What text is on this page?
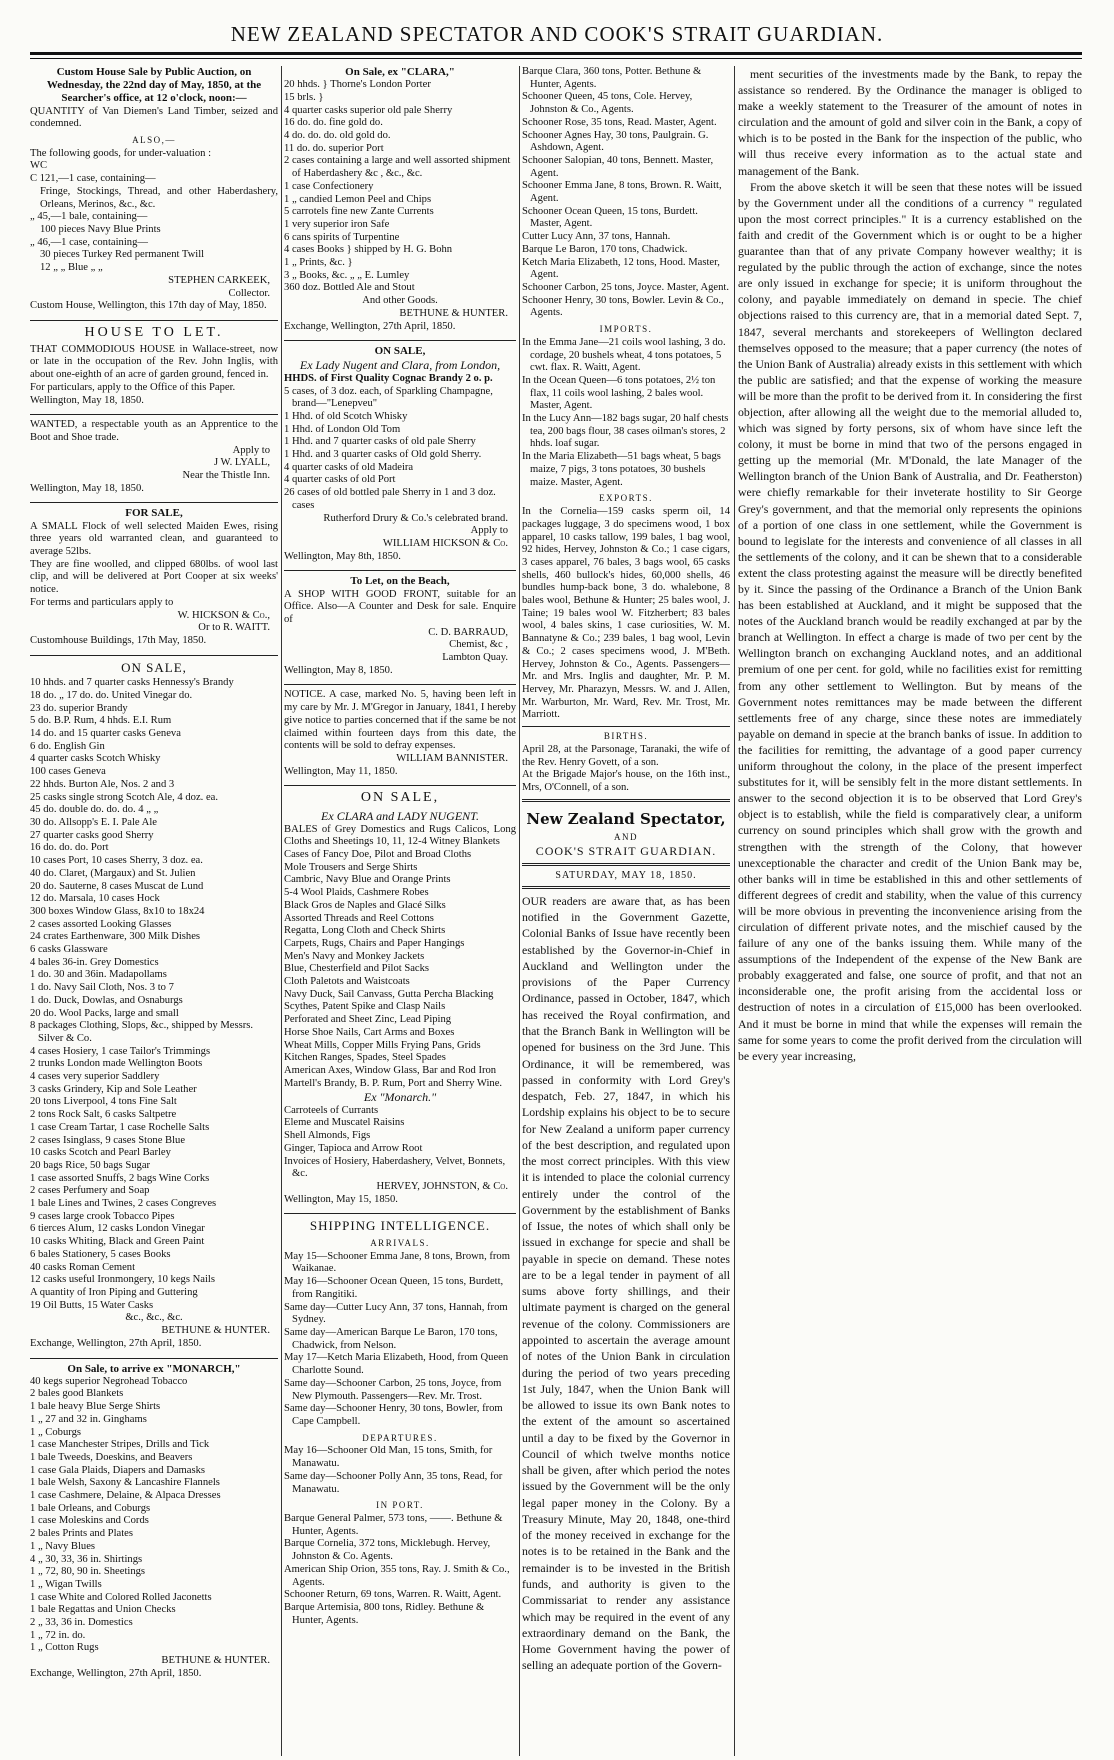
NEW ZEALAND SPECTATOR AND COOK'S STRAIT GUARDIAN.
Custom House Sale by Public Auction, on Wednesday, the 22nd day of May, 1850, at the Searcher's office, at 12 o'clock, noon:—

QUANTITY of Van Diemen's Land Timber, seized and condemned.

ALSO,—

The following goods, for under-valuation :

WC
C 121,—1 case, containing—

Fringe, Stockings, Thread, and other Haberdashery, Orleans, Merinos, &c., &c.

„ 45,—1 bale, containing—
100 pieces Navy Blue Prints
„ 46,—1 case, containing—
30 pieces Turkey Red permanent Twill
12 „ „ Blue „ „
STEPHEN CARKEEK,
Collector.

Custom House, Wellington, this 17th day of May, 1850.

HOUSE TO LET.

THAT COMMODIOUS HOUSE in Wallace-street, now or late in the occupation of the Rev. John Inglis, with about one-eighth of an acre of garden ground, fenced in.

For particulars, apply to the Office of this Paper.

Wellington, May 18, 1850.

WANTED, a respectable youth as an Apprentice to the Boot and Shoe trade.

Apply to
J W. LYALL,
Near the Thistle Inn.

Wellington, May 18, 1850.

FOR SALE,

A SMALL Flock of well selected Maiden Ewes, rising three years old warranted clean, and guaranteed to average 52lbs.

They are fine woolled, and clipped 680lbs. of wool last clip, and will be delivered at Port Cooper at six weeks' notice.

For terms and particulars apply to

W. HICKSON & Co.,
Or to R. WAITT.

Customhouse Buildings, 17th May, 1850.

ON SALE,
10 hhds. and 7 quarter casks Hennessy's Brandy
18 do. „ 17 do. do. United Vinegar do.
23 do. superior Brandy
5 do. B.P. Rum, 4 hhds. E.I. Rum
14 do. and 15 quarter casks Geneva
6 do. English Gin
4 quarter casks Scotch Whisky
100 cases Geneva
22 hhds. Burton Ale, Nos. 2 and 3
25 casks single strong Scotch Ale, 4 doz. ea.
45 do. double do. do. do. 4 „ „
30 do. Allsopp's E. I. Pale Ale
27 quarter casks good Sherry
16 do. do. do. Port
10 cases Port, 10 cases Sherry, 3 doz. ea.
40 do. Claret, (Margaux) and St. Julien
20 do. Sauterne, 8 cases Muscat de Lund
12 do. Marsala, 10 cases Hock
300 boxes Window Glass, 8x10 to 18x24
2 cases assorted Looking Glasses
24 crates Earthenware, 300 Milk Dishes
6 casks Glassware
4 bales 36-in. Grey Domestics
1 do. 30 and 36in. Madapollams
1 do. Navy Sail Cloth, Nos. 3 to 7
1 do. Duck, Dowlas, and Osnaburgs
20 do. Wool Packs, large and small
8 packages Clothing, Slops, &c., shipped by Messrs. Silver & Co.
4 cases Hosiery, 1 case Tailor's Trimmings
2 trunks London made Wellington Boots
4 cases very superior Saddlery
3 casks Grindery, Kip and Sole Leather
20 tons Liverpool, 4 tons Fine Salt
2 tons Rock Salt, 6 casks Saltpetre
1 case Cream Tartar, 1 case Rochelle Salts
2 cases Isinglass, 9 cases Stone Blue
10 casks Scotch and Pearl Barley
20 bags Rice, 50 bags Sugar
1 case assorted Snuffs, 2 bags Wine Corks
2 cases Perfumery and Soap
1 bale Lines and Twines, 2 cases Congreves
9 cases large crook Tobacco Pipes
6 tierces Alum, 12 casks London Vinegar
10 casks Whiting, Black and Green Paint
6 bales Stationery, 5 cases Books
40 casks Roman Cement
12 casks useful Ironmongery, 10 kegs Nails
A quantity of Iron Piping and Guttering
19 Oil Butts, 15 Water Casks
&c., &c., &c.
BETHUNE & HUNTER.

Exchange, Wellington, 27th April, 1850.

On Sale, to arrive ex "MONARCH,"
40 kegs superior Negrohead Tobacco
2 bales good Blankets
1 bale heavy Blue Serge Shirts
1 „ 27 and 32 in. Ginghams
1 „ Coburgs
1 case Manchester Stripes, Drills and Tick
1 bale Tweeds, Doeskins, and Beavers
1 case Gala Plaids, Diapers and Damasks
1 bale Welsh, Saxony & Lancashire Flannels
1 case Cashmere, Delaine, & Alpaca Dresses
1 bale Orleans, and Coburgs
1 case Moleskins and Cords
2 bales Prints and Plates
1 „ Navy Blues
4 „ 30, 33, 36 in. Shirtings
1 „ 72, 80, 90 in. Sheetings
1 „ Wigan Twills
1 case White and Colored Rolled Jaconetts
1 bale Regattas and Union Checks
2 „ 33, 36 in. Domestics
1 „ 72 in. do.
1 „ Cotton Rugs
BETHUNE & HUNTER.

Exchange, Wellington, 27th April, 1850.

On Sale, ex "CLARA,"
20 hhds. } Thorne's London Porter
15 brls. }
4 quarter casks superior old pale Sherry
16 do. do. fine gold do.
4 do. do. do. old gold do.
11 do. do. superior Port
2 cases containing a large and well assorted shipment of Haberdashery &c , &c., &c.
1 case Confectionery
1 „ candied Lemon Peel and Chips
5 carrotels fine new Zante Currents
1 very superior iron Safe
6 cans spirits of Turpentine
4 cases Books } shipped by H. G. Bohn
1 „ Prints, &c. }
3 „ Books, &c. „ „ E. Lumley
360 doz. Bottled Ale and Stout
And other Goods.
BETHUNE & HUNTER.

Exchange, Wellington, 27th April, 1850.

ON SALE,
Ex Lady Nugent and Clara, from London,

HHDS. of First Quality Cognac Brandy 2 o. p.

5 cases, of 3 doz. each, of Sparkling Champagne, brand—"Lenepveu"
1 Hhd. of old Scotch Whisky
1 Hhd. of London Old Tom
1 Hhd. and 7 quarter casks of old pale Sherry
1 Hhd. and 3 quarter casks of Old gold Sherry.
4 quarter casks of old Madeira
4 quarter casks of old Port
26 cases of old bottled pale Sherry in 1 and 3 doz. cases
Rutherford Drury & Co.'s celebrated brand.
Apply to
WILLIAM HICKSON & Co.

Wellington, May 8th, 1850.

To Let, on the Beach,

A SHOP WITH GOOD FRONT, suitable for an Office. Also—A Counter and Desk for sale. Enquire of

C. D. BARRAUD,
Chemist, &c ,
Lambton Quay.

Wellington, May 8, 1850.

NOTICE. A case, marked No. 5, having been left in my care by Mr. J. M'Gregor in January, 1841, I hereby give notice to parties concerned that if the same be not claimed within fourteen days from this date, the contents will be sold to defray expenses.

WILLIAM BANNISTER.

Wellington, May 11, 1850.

ON SALE,
Ex CLARA and LADY NUGENT.

BALES of Grey Domestics and Rugs Calicos, Long Cloths and Sheetings 10, 11, 12-4 Witney Blankets

Cases of Fancy Doe, Pilot and Broad Cloths
Mole Trousers and Serge Shirts
Cambric, Navy Blue and Orange Prints
5-4 Wool Plaids, Cashmere Robes
Black Gros de Naples and Glacé Silks
Assorted Threads and Reel Cottons
Regatta, Long Cloth and Check Shirts
Carpets, Rugs, Chairs and Paper Hangings
Men's Navy and Monkey Jackets
Blue, Chesterfield and Pilot Sacks
Cloth Paletots and Waistcoats
Navy Duck, Sail Canvass, Gutta Percha Blacking
Scythes, Patent Spike and Clasp Nails
Perforated and Sheet Zinc, Lead Piping
Horse Shoe Nails, Cart Arms and Boxes
Wheat Mills, Copper Mills Frying Pans, Grids
Kitchen Ranges, Spades, Steel Spades
American Axes, Window Glass, Bar and Rod Iron
Martell's Brandy, B. P. Rum, Port and Sherry Wine.
Ex "Monarch."
Carroteels of Currants
Eleme and Muscatel Raisins
Shell Almonds, Figs
Ginger, Tapioca and Arrow Root
Invoices of Hosiery, Haberdashery, Velvet, Bonnets, &c.
HERVEY, JOHNSTON, & Co.

Wellington, May 15, 1850.

SHIPPING INTELLIGENCE.
ARRIVALS.
May 15—Schooner Emma Jane, 8 tons, Brown, from Waikanae.
May 16—Schooner Ocean Queen, 15 tons, Burdett, from Rangitiki.
Same day—Cutter Lucy Ann, 37 tons, Hannah, from Sydney.
Same day—American Barque Le Baron, 170 tons, Chadwick, from Nelson.
May 17—Ketch Maria Elizabeth, Hood, from Queen Charlotte Sound.
Same day—Schooner Carbon, 25 tons, Joyce, from New Plymouth. Passengers—Rev. Mr. Trost.
Same day—Schooner Henry, 30 tons, Bowler, from Cape Campbell.
DEPARTURES.
May 16—Schooner Old Man, 15 tons, Smith, for Manawatu.
Same day—Schooner Polly Ann, 35 tons, Read, for Manawatu.
IN PORT.
Barque General Palmer, 573 tons, ——. Bethune & Hunter, Agents.
Barque Cornelia, 372 tons, Micklebugh. Hervey, Johnston & Co. Agents.
American Ship Orion, 355 tons, Ray. J. Smith & Co., Agents.
Schooner Return, 69 tons, Warren. R. Waitt, Agent.
Barque Artemisia, 800 tons, Ridley. Bethune & Hunter, Agents.
Barque Clara, 360 tons, Potter. Bethune & Hunter, Agents.
Schooner Queen, 45 tons, Cole. Hervey, Johnston & Co., Agents.
Schooner Rose, 35 tons, Read. Master, Agent.
Schooner Agnes Hay, 30 tons, Paulgrain. G. Ashdown, Agent.
Schooner Salopian, 40 tons, Bennett. Master, Agent.
Schooner Emma Jane, 8 tons, Brown. R. Waitt, Agent.
Schooner Ocean Queen, 15 tons, Burdett. Master, Agent.
Cutter Lucy Ann, 37 tons, Hannah.
Barque Le Baron, 170 tons, Chadwick.
Ketch Maria Elizabeth, 12 tons, Hood. Master, Agent.
Schooner Carbon, 25 tons, Joyce. Master, Agent.
Schooner Henry, 30 tons, Bowler. Levin & Co., Agents.
IMPORTS.
In the Emma Jane—21 coils wool lashing, 3 do. cordage, 20 bushels wheat, 4 tons potatoes, 5 cwt. flax. R. Waitt, Agent.
In the Ocean Queen—6 tons potatoes, 2½ ton flax, 11 coils wool lashing, 2 bales wool. Master, Agent.
In the Lucy Ann—182 bags sugar, 20 half chests tea, 200 bags flour, 38 cases oilman's stores, 2 hhds. loaf sugar.
In the Maria Elizabeth—51 bags wheat, 5 bags maize, 7 pigs, 3 tons potatoes, 30 bushels maize. Master, Agent.
EXPORTS.

In the Cornelia—159 casks sperm oil, 14 packages luggage, 3 do specimens wood, 1 box apparel, 10 casks tallow, 199 bales, 1 bag wool, 92 hides, Hervey, Johnston & Co.; 1 case cigars, 3 cases apparel, 76 bales, 3 bags wool, 65 casks shells, 460 bullock's hides, 60,000 shells, 46 bundles hump-back bone, 3 do. whalebone, 8 bales wool, Bethune & Hunter; 25 bales wool, J. Taine; 19 bales wool W. Fitzherbert; 83 bales wool, 4 bales skins, 1 case curiosities, W. M. Bannatyne & Co.; 239 bales, 1 bag wool, Levin & Co.; 2 cases specimens wood, J. M'Beth. Hervey, Johnston & Co., Agents. Passengers—Mr. and Mrs. Inglis and daughter, Mr. P. M. Hervey, Mr. Pharazyn, Messrs. W. and J. Allen, Mr. Warburton, Mr. Ward, Rev. Mr. Trost, Mr. Marriott.

BIRTHS.

April 28, at the Parsonage, Taranaki, the wife of the Rev. Henry Govett, of a son.

At the Brigade Major's house, on the 16th inst., Mrs, O'Connell, of a son.

New Zealand Spectator,
AND
COOK'S STRAIT GUARDIAN.
SATURDAY, MAY 18, 1850.

OUR readers are aware that, as has been notified in the Government Gazette, Colonial Banks of Issue have recently been established by the Governor-in-Chief in Auckland and Wellington under the provisions of the Paper Currency Ordinance, passed in October, 1847, which has received the Royal confirmation, and that the Branch Bank in Wellington will be opened for business on the 3rd June. This Ordinance, it will be remembered, was passed in conformity with Lord Grey's despatch, Feb. 27, 1847, in which his Lordship explains his object to be to secure for New Zealand a uniform paper currency of the best description, and regulated upon the most correct principles. With this view it is intended to place the colonial currency entirely under the control of the Government by the establishment of Banks of Issue, the notes of which shall only be issued in exchange for specie and shall be payable in specie on demand. These notes are to be a legal tender in payment of all sums above forty shillings, and their ultimate payment is charged on the general revenue of the colony. Commissioners are appointed to ascertain the average amount of notes of the Union Bank in circulation during the period of two years preceding 1st July, 1847, when the Union Bank will be allowed to issue its own Bank notes to the extent of the amount so ascertained until a day to be fixed by the Governor in Council of which twelve months notice shall be given, after which period the notes issued by the Government will be the only legal paper money in the Colony. By a Treasury Minute, May 20, 1848, one-third of the money received in exchange for the notes is to be retained in the Bank and the remainder is to be invested in the British funds, and authority is given to the Commissariat to render any assistance which may be required in the event of any extraordinary demand on the Bank, the Home Government having the power of selling an adequate portion of the Govern-

ment securities of the investments made by the Bank, to repay the assistance so rendered. By the Ordinance the manager is obliged to make a weekly statement to the Treasurer of the amount of notes in circulation and the amount of gold and silver coin in the Bank, a copy of which is to be posted in the Bank for the inspection of the public, who will thus receive every information as to the actual state and management of the Bank.

From the above sketch it will be seen that these notes will be issued by the Government under all the conditions of a currency " regulated upon the most correct principles." It is a currency established on the faith and credit of the Government which is or ought to be a higher guarantee than that of any private Company however wealthy; it is regulated by the public through the action of exchange, since the notes are only issued in exchange for specie; it is uniform throughout the colony, and payable immediately on demand in specie. The chief objections raised to this currency are, that in a memorial dated Sept. 7, 1847, several merchants and storekeepers of Wellington declared themselves opposed to the measure; that a paper currency (the notes of the Union Bank of Australia) already exists in this settlement with which the public are satisfied; and that the expense of working the measure will be more than the profit to be derived from it. In considering the first objection, after allowing all the weight due to the memorial alluded to, which was signed by forty persons, six of whom have since left the colony, it must be borne in mind that two of the persons engaged in getting up the memorial (Mr. M'Donald, the late Manager of the Wellington branch of the Union Bank of Australia, and Dr. Featherston) were chiefly remarkable for their inveterate hostility to Sir George Grey's government, and that the memorial only represents the opinions of a portion of one class in one settlement, while the Government is bound to legislate for the interests and convenience of all classes in all the settlements of the colony, and it can be shewn that to a considerable extent the class protesting against the measure will be directly benefited by it. Since the passing of the Ordinance a Branch of the Union Bank has been established at Auckland, and it might be supposed that the notes of the Auckland branch would be readily exchanged at par by the branch at Wellington. In effect a charge is made of two per cent by the Wellington branch on exchanging Auckland notes, and an additional premium of one per cent. for gold, while no facilities exist for remitting from any other settlement to Wellington. But by means of the Government notes remittances may be made between the different settlements free of any charge, since these notes are immediately payable on demand in specie at the branch banks of issue. In addition to the facilities for remitting, the advantage of a good paper currency uniform throughout the colony, in the place of the present imperfect substitutes for it, will be sensibly felt in the more distant settlements. In answer to the second objection it is to be observed that Lord Grey's object is to establish, while the field is comparatively clear, a uniform currency on sound principles which shall grow with the growth and strengthen with the strength of the Colony, that however unexceptionable the character and credit of the Union Bank may be, other banks will in time be established in this and other settlements of different degrees of credit and stability, when the value of this currency will be more obvious in preventing the inconvenience arising from the circulation of different private notes, and the mischief caused by the failure of any one of the banks issuing them. While many of the assumptions of the Independent of the expense of the New Bank are probably exaggerated and false, one source of profit, and that not an inconsiderable one, the profit arising from the accidental loss or destruction of notes in a circulation of £15,000 has been overlooked. And it must be borne in mind that while the expenses will remain the same for some years to come the profit derived from the circulation will be every year increasing,
